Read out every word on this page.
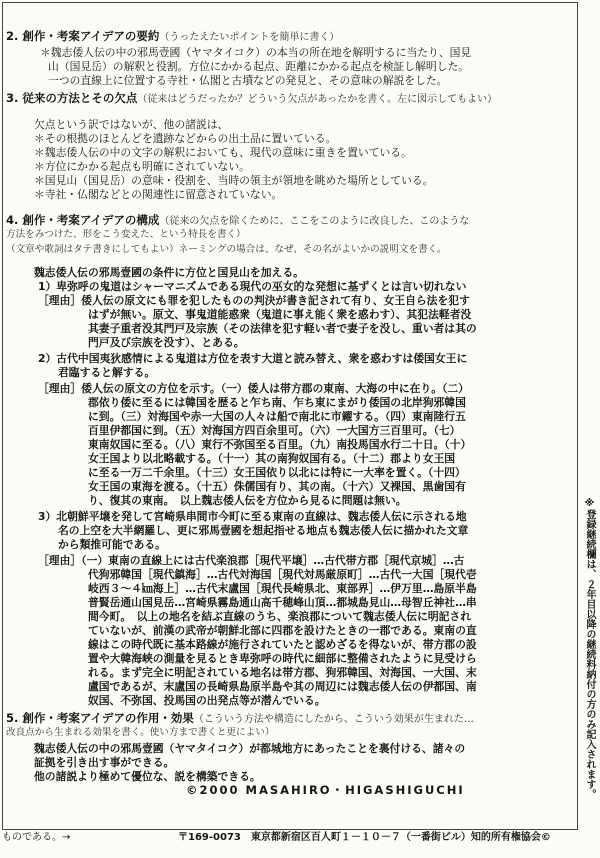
2. 創作・考案アイデアの要約（うったえたいポイントを簡単に書く）
＊魏志倭人伝の中の邪馬壹國（ヤマタイコク）の本当の所在地を解明するに当たり、国見
山（国見岳）の解釈と役割。方位にかかる起点、距離にかかる起点を検証し解明した。
一つの直線上に位置する寺社・仏閣と古墳などの発見と、その意味の解説をした。
3. 従来の方法とその欠点（従来はどうだったか？どういう欠点があったかを書く。左に図示してもよい）
欠点という訳ではないが、他の諸説は、
＊その根拠のほとんどを遺跡などからの出土品に置いている。
＊魏志倭人伝の中の文字の解釈においても、現代の意味に重きを置いている。
＊方位にかかる起点も明確にされていない。
＊国見山（国見岳）の意味・役割を、当時の領主が領地を眺めた場所としている。
＊寺社・仏閣などとの関連性に留意されていない。
4. 創作・考案アイデアの構成（従来の欠点を除くために、ここをこのように改良した、このような
方法をみつけた、形をこう変えた、という特長を書く）
（文章や歌詞はタテ書きにしてもよい）ネーミングの場合は、なぜ、その名がよいかの説明文を書く。
魏志倭人伝の邪馬壹國の条件に方位と国見山を加える。
1）卑弥呼の鬼道はシャーマニズムである現代の巫女的な発想に基ずくとは言い切れない
［理由］倭人伝の原文にも罪を犯したものの判決が書き記されて有り、女王自ら法を犯す
はずが無い。原文、事鬼道能惑衆（鬼道に事え能く衆を惑わす）、其犯法軽者没
其妻子重者没其門戸及宗族（その法律を犯す軽い者で妻子を没し、重い者は其の
門戸及び宗族を没す）、とある。
2）古代中国夷狄感情による鬼道は方位を表す大道と読み替え、衆を惑わすは倭国女王に
君臨すると解する。
［理由］倭人伝の原文の方位を示す。（一）倭人は帯方郡の東南、大海の中に在り。（二）
郡依り倭に至るには韓国を歴ると乍ち南、乍ち東にまがり倭国の北岸狗邪韓国
に到。（三）対海国や赤一大国の人々は船で南北に市糴する。（四）東南陸行五
百里伊都国に到。（五）対海国方四百余里可。（六）一大国方三百里可。（七）
東南奴国に至る。（八）東行不弥国至る百里。（九）南投馬国水行二十日。（十）
女王国より以北略載する。（十一）其の南狗奴国有る。（十二）郡より女王国
に至る一万二千余里。（十三）女王国依り以北には特に一大率を置く。（十四）
女王国の東海を渡る。（十五）侏儒国有り、其の南。（十六）又裸国、黒歯国有
り、復其の東南。　以上魏志倭人伝を方位から見るに問題は無い。
3）北朝鮮平壌を発して宮崎県串間市今町に至る東南の直線は、魏志倭人伝に示される地
名の上空を大半網羅し、更に邪馬壹國を想起指せる地点も魏志倭人伝に描かれた文章
から類推可能である。
［理由］（一）東南の直線上には古代楽浪郡［現代平壌］…古代帯方郡［現代京城］…古
代狗邪韓国［現代鎮海］…古代対海国［現代対馬厳原町］…古代一大国［現代壱
岐西３～４㎞海上］…古代末盧国［現代長崎県北、東部界］…伊万里…島原半島
普賢岳通山国見岳…宮崎県霧島通山高千穂峰山頂…都城島見山…母智丘神社…串
間今町。　以上の地名を結ぶ直線のうち、楽浪郡について魏志倭人伝に明記され
ていないが、前漢の武帝が朝鮮北部に四郡を設けたときの一郡である。東南の直
線はこの時代既に基本路線が施行されていたと認めざるを得ないが、帯方郡の設
置や大韓海峡の測量を見るとき卑弥呼の時代に細部に整備されたように見受けら
れる。まず完全に明記されている地名は帯方郡、狗邪韓国、対海国、一大国、末
盧国であるが、末盧国の長崎県島原半島や其の周辺には魏志倭人伝の伊都国、南
奴国、不弥国、投馬国の出発点等が潜んでいる。
5. 創作・考案アイデアの作用・効果（こういう方法や構造にしたから、こういう効果が生まれた…
改良点から生まれる効果を書く。使い方まで書くと更によい）
魏志倭人伝の中の邪馬壹國（ヤマタイコク）が都城地方にあったことを裏付ける、諸々の
証拠を引き出す事ができる。
他の諸説より極めて優位な、説を構築できる。
©2000 MASAHIRO・HIGASHIGUCHI
ものである。→	〒169-0073　東京都新宿区百人町１－１０－７（一番街ビル）知的所有権協会©
※登録継続欄は、２年目以降の継続料納付の方のみ記入されます。
